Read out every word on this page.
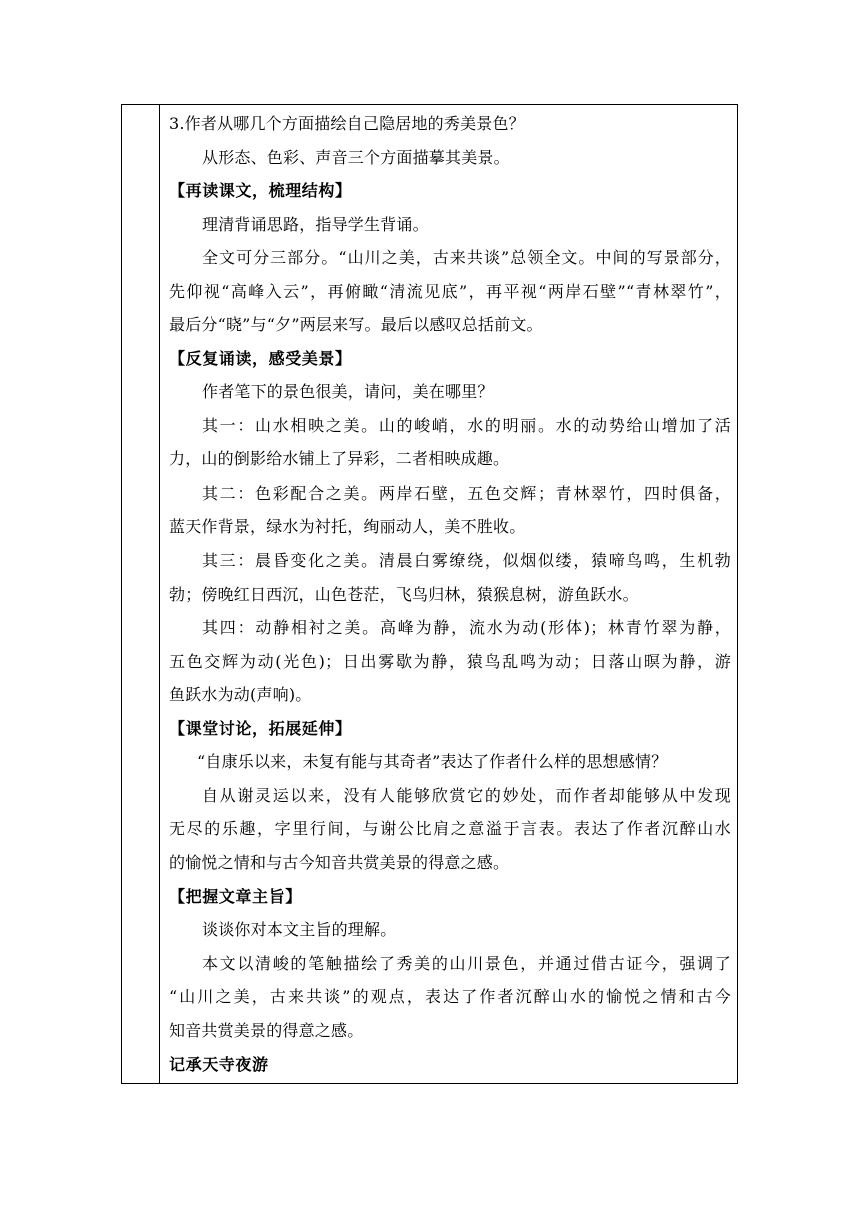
3.作者从哪几个方面描绘自己隐居地的秀美景色？
从形态、色彩、声音三个方面描摹其美景。
【再读课文，梳理结构】
理清背诵思路，指导学生背诵。
全文可分三部分。“山川之美，古来共谈”总领全文。中间的写景部分，
先仰视“高峰入云”，再俯瞰“清流见底”，再平视“两岸石壁”“青林翠竹”，
最后分“晓”与“夕”两层来写。最后以感叹总括前文。
【反复诵读，感受美景】
作者笔下的景色很美，请问，美在哪里？
其一：山水相映之美。山的峻峭，水的明丽。水的动势给山增加了活
力，山的倒影给水铺上了异彩，二者相映成趣。
其二：色彩配合之美。两岸石壁，五色交辉；青林翠竹，四时俱备，
蓝天作背景，绿水为衬托，绚丽动人，美不胜收。
其三：晨昏变化之美。清晨白雾缭绕，似烟似缕，猿啼鸟鸣，生机勃
勃；傍晚红日西沉，山色苍茫，飞鸟归林，猿猴息树，游鱼跃水。
其四：动静相衬之美。高峰为静，流水为动(形体)；林青竹翠为静，
五色交辉为动(光色)；日出雾歇为静，猿鸟乱鸣为动；日落山暝为静，游
鱼跃水为动(声响)。
【课堂讨论，拓展延伸】
“自康乐以来，未复有能与其奇者”表达了作者什么样的思想感情？
自从谢灵运以来，没有人能够欣赏它的妙处，而作者却能够从中发现
无尽的乐趣，字里行间，与谢公比肩之意溢于言表。表达了作者沉醉山水
的愉悦之情和与古今知音共赏美景的得意之感。
【把握文章主旨】
谈谈你对本文主旨的理解。
本文以清峻的笔触描绘了秀美的山川景色，并通过借古证今，强调了
“山川之美，古来共谈”的观点，表达了作者沉醉山水的愉悦之情和古今
知音共赏美景的得意之感。
记承天寺夜游
